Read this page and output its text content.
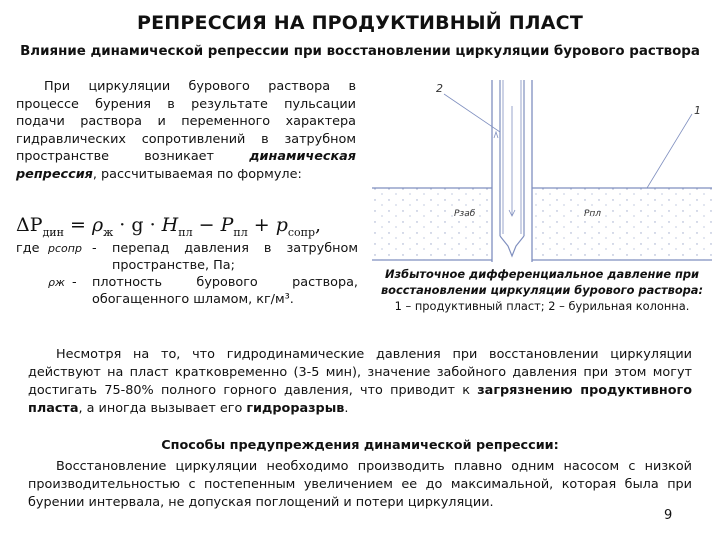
РЕПРЕССИЯ НА ПРОДУКТИВНЫЙ ПЛАСТ
Влияние динамической репрессии при восстановлении циркуляции бурового раствора
При циркуляции бурового раствора в процессе бурения в результате пульсации подачи раствора и переменного характера гидравлических сопротивлений в затрубном пространстве возникает динамическая репрессия, рассчитываемая по формуле:
$\Delta P_{дин} = \rho_ж \cdot g \cdot H_{пл} - P_{пл} + p_{сопр}$,
где pсопр -	перепад давления в затрубном пространстве, Па;
ρж -	плотность бурового раствора, обогащенного шламом, кг/м³.
2
1
Pзаб	Pпл
Избыточное дифференциальное давление при
восстановлении циркуляции бурового раствора:
1 – продуктивный пласт; 2 – бурильная колонна.
Несмотря на то, что гидродинамические давления при восстановлении циркуляции действуют на пласт кратковременно (3-5 мин), значение забойного давления при этом могут достигать 75-80% полного горного давления, что приводит к загрязнению продуктивного пласта, а иногда вызывает его гидроразрыв.
Способы предупреждения динамической репрессии:
Восстановление циркуляции необходимо производить плавно одним насосом с низкой производительностью с постепенным увеличением ее до максимальной, которая была при бурении интервала, не допуская поглощений и потери циркуляции.
9
